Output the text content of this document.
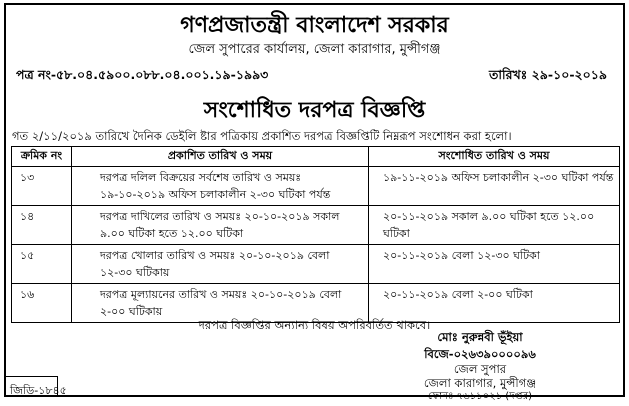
গণপ্রজাতন্ত্রী বাংলাদেশ সরকার
জেল সুপারের কার্যালয়, জেলা কারাগার, মুন্সীগঞ্জ
পত্র নং-৫৮.০৪.৫৯০০.০৮৮.০৪.০০১.১৯-১৯৯৩	তারিখঃ ২৯-১০-২০১৯
সংশোধিত দরপত্র বিজ্ঞপ্তি
গত ২/১১/২০১৯ তারিখে দৈনিক ডেইলি ষ্টার পত্রিকায় প্রকাশিত দরপত্র বিজ্ঞপ্তিটি নিম্নরূপ সংশোধন করা হলো।
ক্রমিক নং	প্রকাশিত তারিখ ও সময়	সংশোধিত তারিখ ও সময়
১৩	দরপত্র দলিল বিক্রয়ের সর্বশেষ তারিখ ও সময়ঃ ১৯-১০-২০১৯ অফিস চলাকালীন ২-৩০ ঘটিকা পর্যন্ত	১৯-১১-২০১৯ অফিস চলাকালীন ২-৩০ ঘটিকা পর্যন্ত
১৪	দরপত্র দাখিলের তারিখ ও সময়ঃ ২০-১০-২০১৯ সকাল ৯.০০ ঘটিকা হতে ১২.০০ ঘটিকা	২০-১১-২০১৯ সকাল ৯.০০ ঘটিকা হতে ১২.০০ ঘটিকা
১৫	দরপত্র খোলার তারিখ ও সময়ঃ ২০-১০-২০১৯ বেলা ১২-৩০ ঘটিকায়	২০-১১-২০১৯ বেলা ১২-৩০ ঘটিকা
১৬	দরপত্র মূল্যায়নের তারিখ ও সময়ঃ ২০-১০-২০১৯ বেলা ২-০০ ঘটিকায়	২০-১১-২০১৯ বেলা ২-০০ ঘটিকা
দরপত্র বিজ্ঞপ্তির অন্যান্য বিষয় অপরিবর্তিত থাকবে।
মোঃ নুরুন্নবী ভূঁইয়া
বিজে-০২৬৩৯০০০০৯৬
জেল সুপার
জেলা কারাগার, মুন্সীগঞ্জ
ফোনঃ ৭৬১১০২১ (দপ্তর)
জিডি-১৮৪৫
